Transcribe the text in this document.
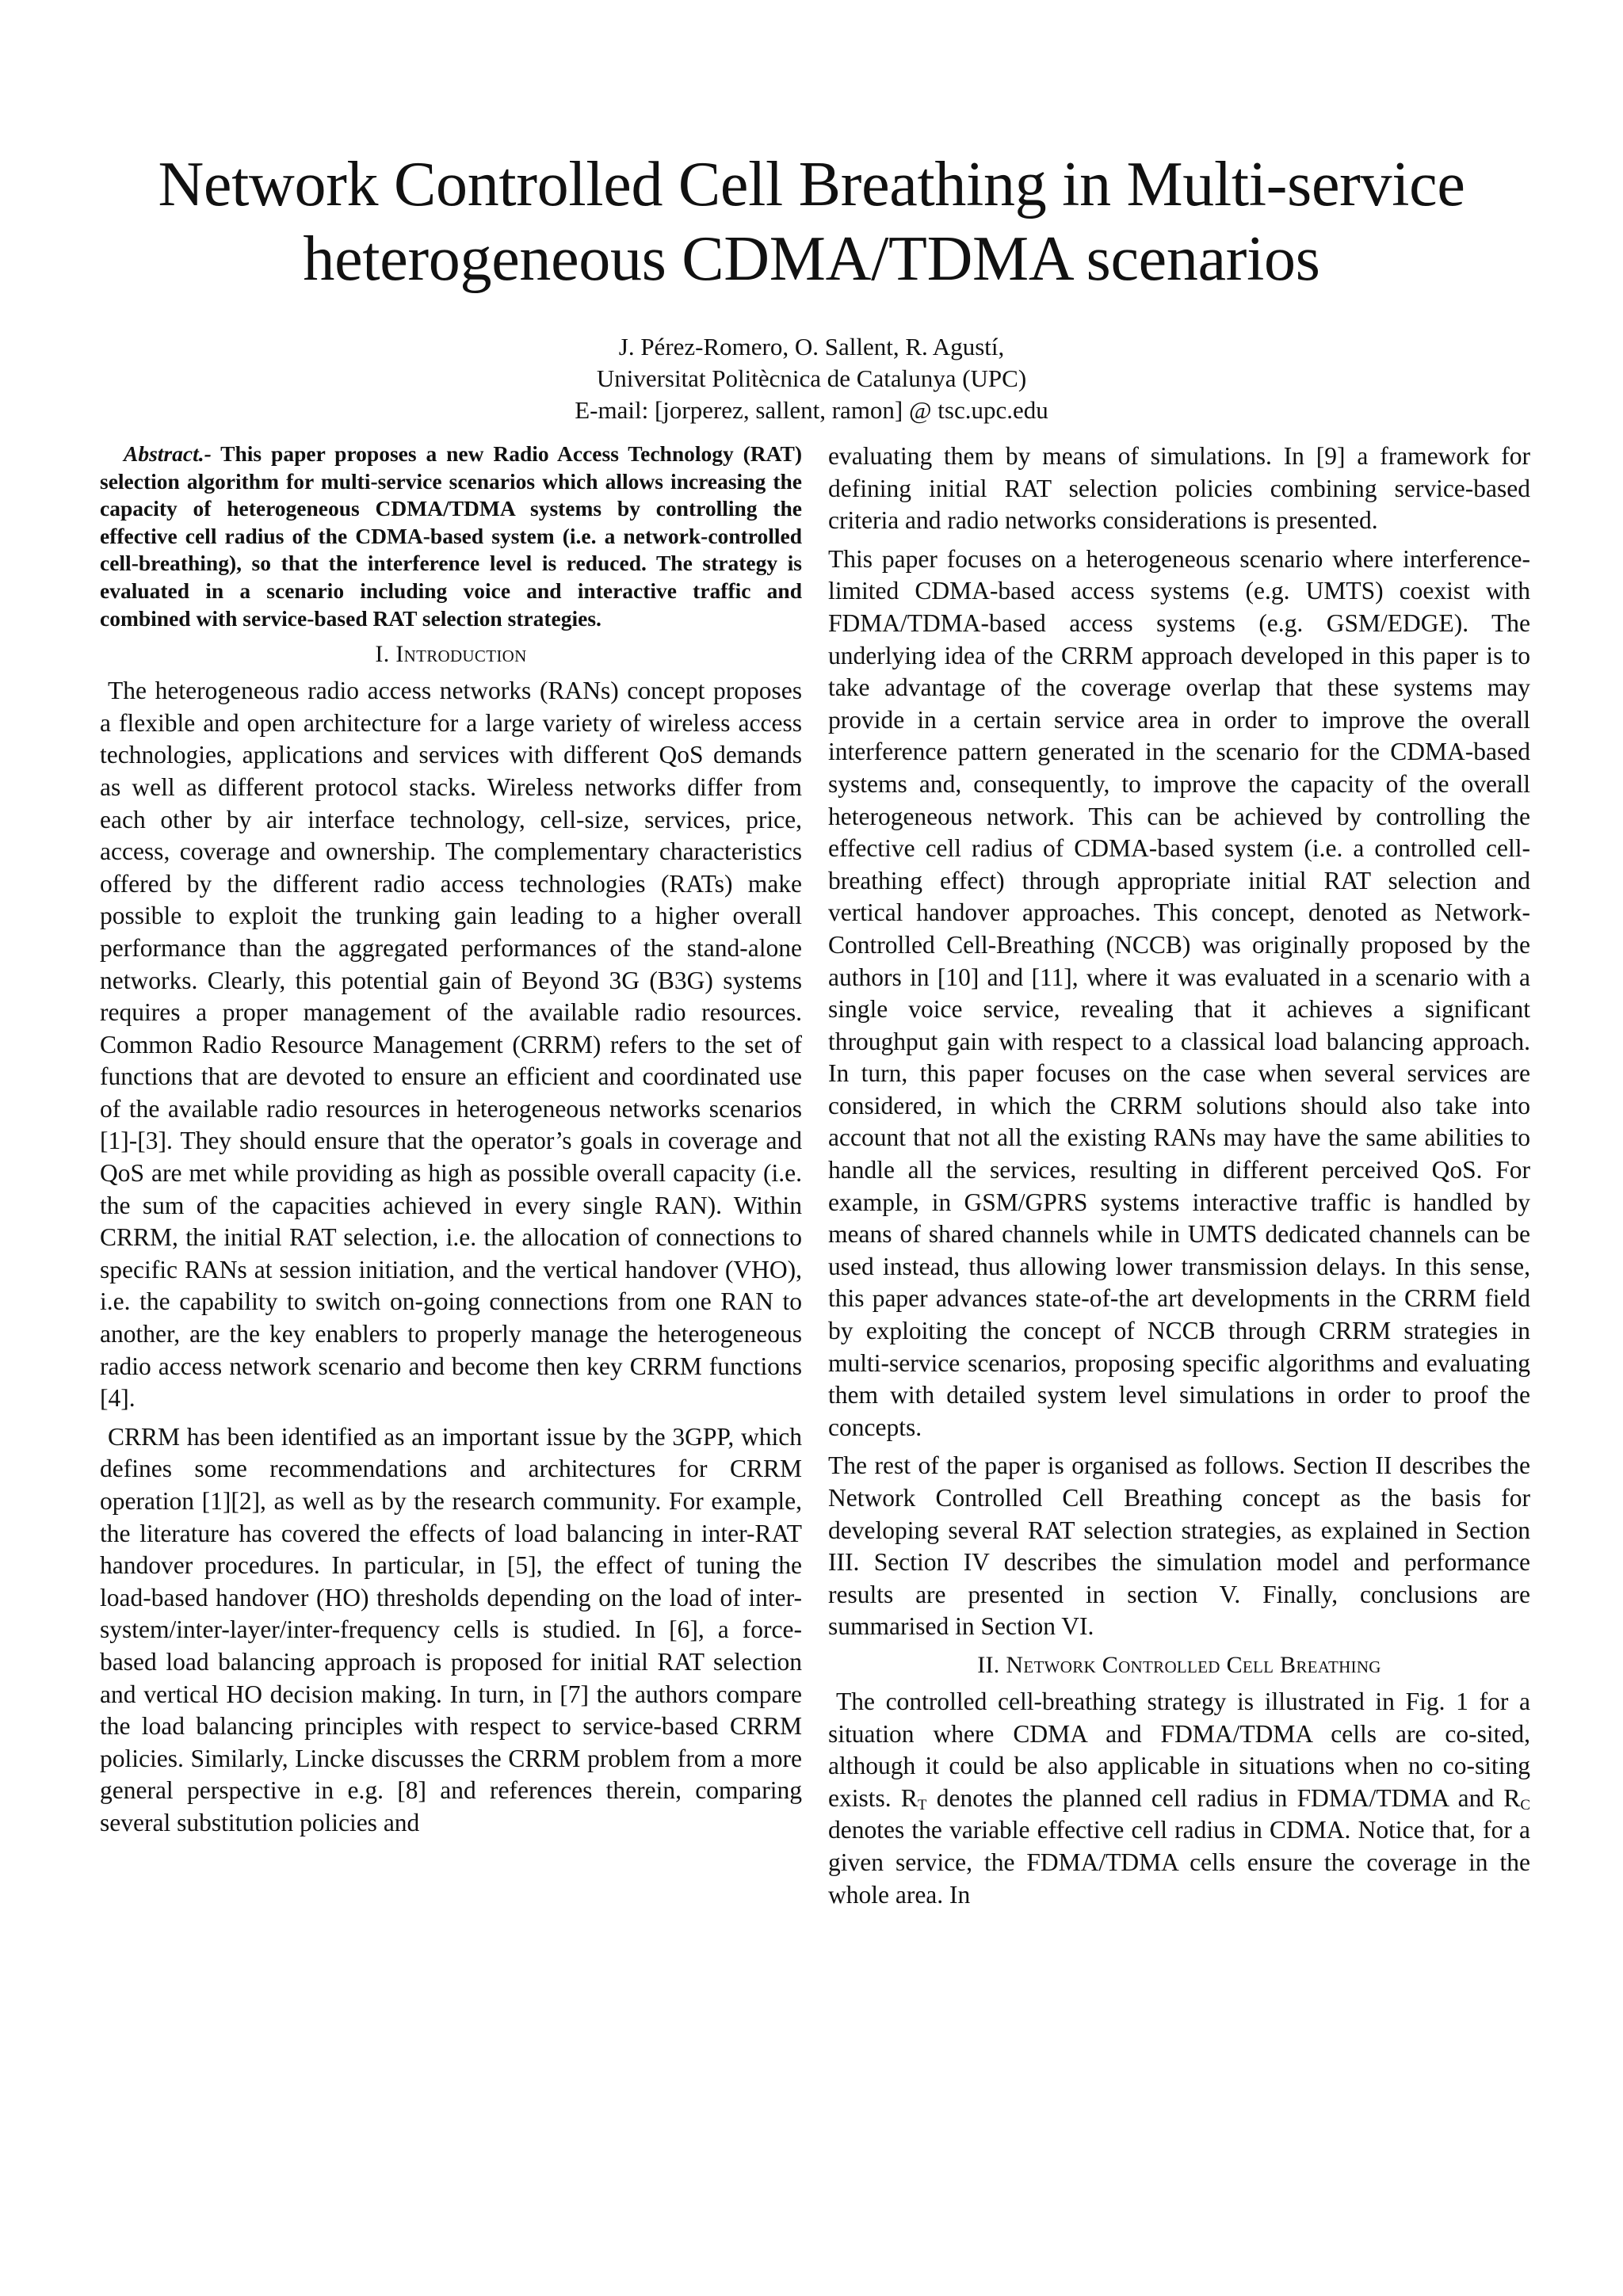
Network Controlled Cell Breathing in Multi-service
heterogeneous CDMA/TDMA scenarios
J. Pérez-Romero, O. Sallent, R. Agustí,
Universitat Politècnica de Catalunya (UPC)
E-mail: [jorperez, sallent, ramon] @ tsc.upc.edu

Abstract.- This paper proposes a new Radio Access Technology (RAT) selection algorithm for multi-service scenarios which allows increasing the capacity of heterogeneous CDMA/TDMA systems by controlling the effective cell radius of the CDMA-based system (i.e. a network-controlled cell-breathing), so that the interference level is reduced. The strategy is evaluated in a scenario including voice and interactive traffic and combined with service-based RAT selection strategies.

I. Introduction

The heterogeneous radio access networks (RANs) concept proposes a flexible and open architecture for a large variety of wireless access technologies, applications and services with different QoS demands as well as different protocol stacks. Wireless networks differ from each other by air interface technology, cell-size, services, price, access, coverage and ownership. The complementary characteristics offered by the different radio access technologies (RATs) make possible to exploit the trunking gain leading to a higher overall performance than the aggregated performances of the stand-alone networks. Clearly, this potential gain of Beyond 3G (B3G) systems requires a proper management of the available radio resources. Common Radio Resource Management (CRRM) refers to the set of functions that are devoted to ensure an efficient and coordinated use of the available radio resources in heterogeneous networks scenarios [1]-[3]. They should ensure that the operator’s goals in coverage and QoS are met while providing as high as possible overall capacity (i.e. the sum of the capacities achieved in every single RAN). Within CRRM, the initial RAT selection, i.e. the allocation of connections to specific RANs at session initiation, and the vertical handover (VHO), i.e. the capability to switch on-going connections from one RAN to another, are the key enablers to properly manage the heterogeneous radio access network scenario and become then key CRRM functions [4].

CRRM has been identified as an important issue by the 3GPP, which defines some recommendations and architectures for CRRM operation [1][2], as well as by the research community. For example, the literature has covered the effects of load balancing in inter-RAT handover procedures. In particular, in [5], the effect of tuning the load-based handover (HO) thresholds depending on the load of inter-system/inter-layer/inter-frequency cells is studied. In [6], a force-based load balancing approach is proposed for initial RAT selection and vertical HO decision making. In turn, in [7] the authors compare the load balancing principles with respect to service-based CRRM policies. Similarly, Lincke discusses the CRRM problem from a more general perspective in e.g. [8] and references therein, comparing several substitution policies and

evaluating them by means of simulations. In [9] a framework for defining initial RAT selection policies combining service-based criteria and radio networks considerations is presented.

This paper focuses on a heterogeneous scenario where interference-limited CDMA-based access systems (e.g. UMTS) coexist with FDMA/TDMA-based access systems (e.g. GSM/EDGE). The underlying idea of the CRRM approach developed in this paper is to take advantage of the coverage overlap that these systems may provide in a certain service area in order to improve the overall interference pattern generated in the scenario for the CDMA-based systems and, consequently, to improve the capacity of the overall heterogeneous network. This can be achieved by controlling the effective cell radius of CDMA-based system (i.e. a controlled cell-breathing effect) through appropriate initial RAT selection and vertical handover approaches. This concept, denoted as Network-Controlled Cell-Breathing (NCCB) was originally proposed by the authors in [10] and [11], where it was evaluated in a scenario with a single voice service, revealing that it achieves a significant throughput gain with respect to a classical load balancing approach. In turn, this paper focuses on the case when several services are considered, in which the CRRM solutions should also take into account that not all the existing RANs may have the same abilities to handle all the services, resulting in different perceived QoS. For example, in GSM/GPRS systems interactive traffic is handled by means of shared channels while in UMTS dedicated channels can be used instead, thus allowing lower transmission delays. In this sense, this paper advances state-of-the art developments in the CRRM field by exploiting the concept of NCCB through CRRM strategies in multi-service scenarios, proposing specific algorithms and evaluating them with detailed system level simulations in order to proof the concepts.

The rest of the paper is organised as follows. Section II describes the Network Controlled Cell Breathing concept as the basis for developing several RAT selection strategies, as explained in Section III. Section IV describes the simulation model and performance results are presented in section V. Finally, conclusions are summarised in Section VI.

II. Network Controlled Cell Breathing

The controlled cell-breathing strategy is illustrated in Fig. 1 for a situation where CDMA and FDMA/TDMA cells are co-sited, although it could be also applicable in situations when no co-siting exists. $R_T$ denotes the planned cell radius in FDMA/TDMA and $R_C$ denotes the variable effective cell radius in CDMA. Notice that, for a given service, the FDMA/TDMA cells ensure the coverage in the whole area. In
